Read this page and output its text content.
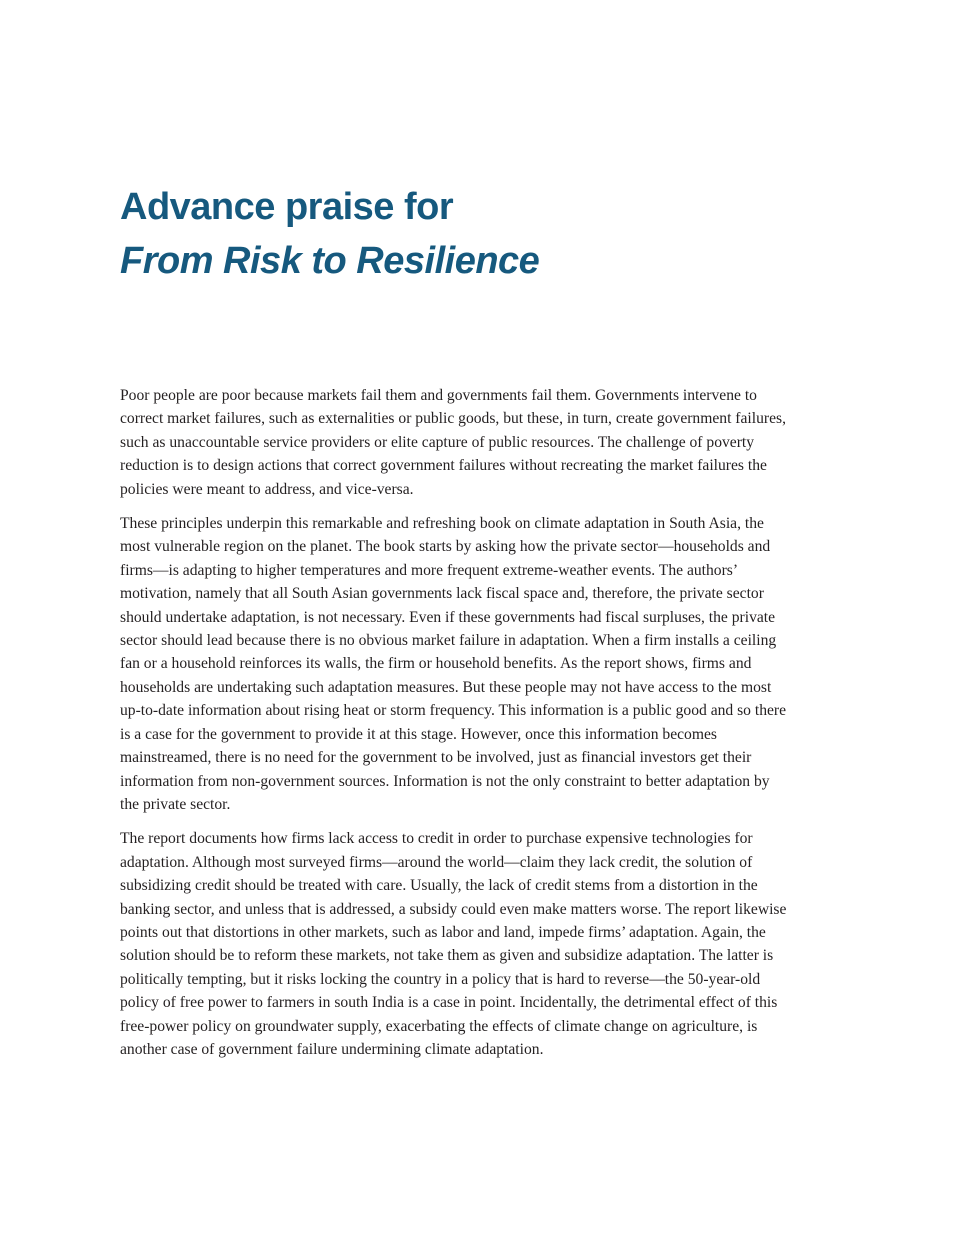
Advance praise for
From Risk to Resilience

Poor people are poor because markets fail them and governments fail them. Governments intervene to correct market failures, such as externalities or public goods, but these, in turn, create government failures, such as unaccountable service providers or elite capture of public resources. The challenge of poverty reduction is to design actions that correct government failures without recreating the market failures the policies were meant to address, and vice-versa.

These principles underpin this remarkable and refreshing book on climate adaptation in South Asia, the most vulnerable region on the planet. The book starts by asking how the private sector—households and firms—is adapting to higher temperatures and more frequent extreme-weather events. The authors’ motivation, namely that all South Asian governments lack fiscal space and, therefore, the private sector should undertake adaptation, is not necessary. Even if these governments had fiscal surpluses, the private sector should lead because there is no obvious market failure in adaptation. When a firm installs a ceiling fan or a household reinforces its walls, the firm or household benefits. As the report shows, firms and households are undertaking such adaptation measures. But these people may not have access to the most up-to-date information about rising heat or storm frequency. This information is a public good and so there is a case for the government to provide it at this stage. However, once this information becomes mainstreamed, there is no need for the government to be involved, just as financial investors get their information from non-government sources. Information is not the only constraint to better adaptation by the private sector.

The report documents how firms lack access to credit in order to purchase expensive technologies for adaptation. Although most surveyed firms—around the world—claim they lack credit, the solution of subsidizing credit should be treated with care. Usually, the lack of credit stems from a distortion in the banking sector, and unless that is addressed, a subsidy could even make matters worse. The report likewise points out that distortions in other markets, such as labor and land, impede firms’ adaptation. Again, the solution should be to reform these markets, not take them as given and subsidize adaptation. The latter is politically tempting, but it risks locking the country in a policy that is hard to reverse—the 50-year-old policy of free power to farmers in south India is a case in point. Incidentally, the detrimental effect of this free-power policy on groundwater supply, exacerbating the effects of climate change on agriculture, is another case of government failure undermining climate adaptation.
